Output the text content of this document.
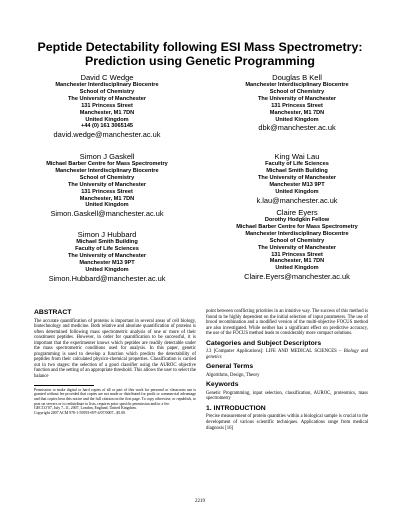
Peptide Detectability following ESI Mass Spectrometry: Prediction using Genetic Programming
David C Wedge
Manchester Interdisciplinary Biocentre
School of Chemistry
The University of Manchester
131 Princess Street
Manchester, M1 7DN
United Kingdom
+44 (0) 161 3065145
david.wedge@manchester.ac.uk
Douglas B Kell
Manchester Interdisciplinary Biocentre
School of Chemistry
The University of Manchester
131 Princess Street
Manchester, M1 7DN
United Kingdom
dbk@manchester.ac.uk
Simon J Gaskell
Michael Barber Centre for Mass Spectrometry
Manchester Interdisciplinary Biocentre
School of Chemistry
The University of Manchester
131 Princess Street
Manchester, M1 7DN
United Kingdom
Simon.Gaskell@manchester.ac.uk
King Wai Lau
Faculty of Life Sciences
Michael Smith Building
The University of Manchester
Manchester M13 9PT
United Kingdom
k.lau@manchester.ac.uk
Simon J Hubbard
Michael Smith Building
Faculty of Life Sciences
The University of Manchester
Manchester M13 9PT
United Kingdom
Simon.Hubbard@manchester.ac.uk
Claire Eyers
Dorothy Hodgkin Fellow
Michael Barber Centre for Mass Spectrometry
Manchester Interdisciplinary Biocentre
School of Chemistry
The University of Manchester
131 Princess Street
Manchester, M1 7DN
United Kingdom
Claire.Eyers@manchester.ac.uk
ABSTRACT

The accurate quantification of proteins is important in several areas of cell biology, biotechnology and medicine. Both relative and absolute quantification of proteins is often determined following mass spectrometric analysis of one or more of their constituent peptides. However, in order for quantification to be successful, it is important that the experimenter knows which peptides are readily detectable under the mass spectrometric conditions used for analysis. In this paper, genetic programming is used to develop a function which predicts the detectability of peptides from their calculated physico-chemical properties. Classification is carried out in two stages: the selection of a good classifier using the AUROC objective function and the setting of an appropriate threshold. This allows the user to select the balance

Permission to make digital or hard copies of all or part of this work for personal or classroom use is granted without fee provided that copies are not made or distributed for profit or commercial advantage and that copies bear this notice and the full citation on the first page. To copy otherwise, or republish, to post on servers or to redistribute to lists, requires prior specific permission and/or a fee.

GECCO'07, July 7–11, 2007, London, England, United Kingdom.

Copyright 2007 ACM 978-1-59593-697-4/07/0007...$5.00.

point between conflicting priorities in an intuitive way. The success of this method is found to be highly dependent on the initial selection of input parameters. The use of brood recombination and a modified version of the multi-objective FOCUS method are also investigated. While neither has a significant effect on predictive accuracy, the use of the FOCUS method leads to considerably more compact solutions.

Categories and Subject Descriptors

J.3 [Computer Applications]: LIFE AND MEDICAL SCIENCES – Biology and genetics

General Terms

Algorithms, Design, Theory

Keywords

Genetic Programming, input selection, classification, AUROC, proteomics, mass spectrometry

1. INTRODUCTION

Precise measurement of protein quantities within a biological sample is crucial to the development of various scientific techniques. Applications range from medical diagnosis [16]

2219
